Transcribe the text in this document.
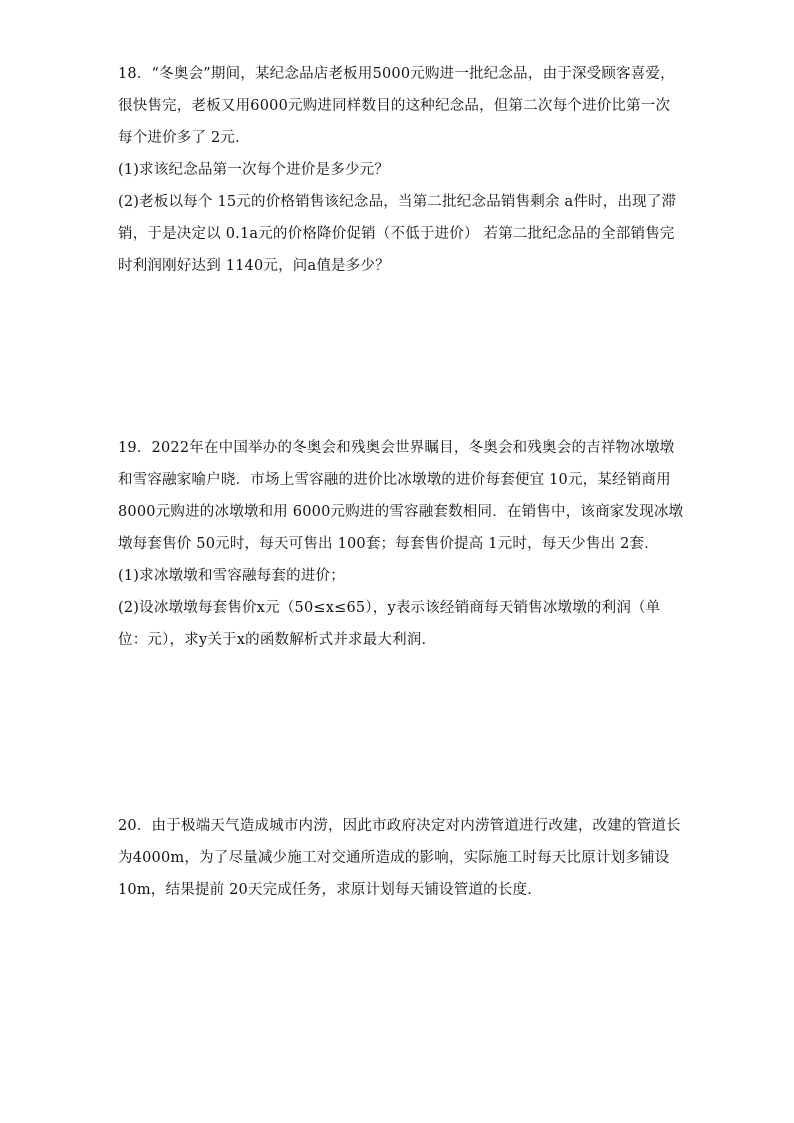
18．“冬奥会”期间，某纪念品店老板用5000元购进一批纪念品，由于深受顾客喜爱，
很快售完，老板又用6000元购进同样数目的这种纪念品，但第二次每个进价比第一次
每个进价多了 2元．
(1)求该纪念品第一次每个进价是多少元？
(2)老板以每个 15元的价格销售该纪念品，当第二批纪念品销售剩余 a件时，出现了滞
销，于是决定以 0.1a元的价格降价促销（不低于进价） 若第二批纪念品的全部销售完
时利润刚好达到 1140元，问a值是多少？
19．2022年在中国举办的冬奥会和残奥会世界瞩目，冬奥会和残奥会的吉祥物冰墩墩
和雪容融家喻户晓．市场上雪容融的进价比冰墩墩的进价每套便宜 10元，某经销商用
8000元购进的冰墩墩和用 6000元购进的雪容融套数相同．在销售中，该商家发现冰墩
墩每套售价 50元时，每天可售出 100套；每套售价提高 1元时，每天少售出 2套．
(1)求冰墩墩和雪容融每套的进价；
(2)设冰墩墩每套售价x元（50≤x≤65），y表示该经销商每天销售冰墩墩的利润（单
位：元），求y关于x的函数解析式并求最大利润．
20．由于极端天气造成城市内涝，因此市政府决定对内涝管道进行改建，改建的管道长
为4000m，为了尽量减少施工对交通所造成的影响，实际施工时每天比原计划多铺设
10m，结果提前 20天完成任务，求原计划每天铺设管道的长度．
